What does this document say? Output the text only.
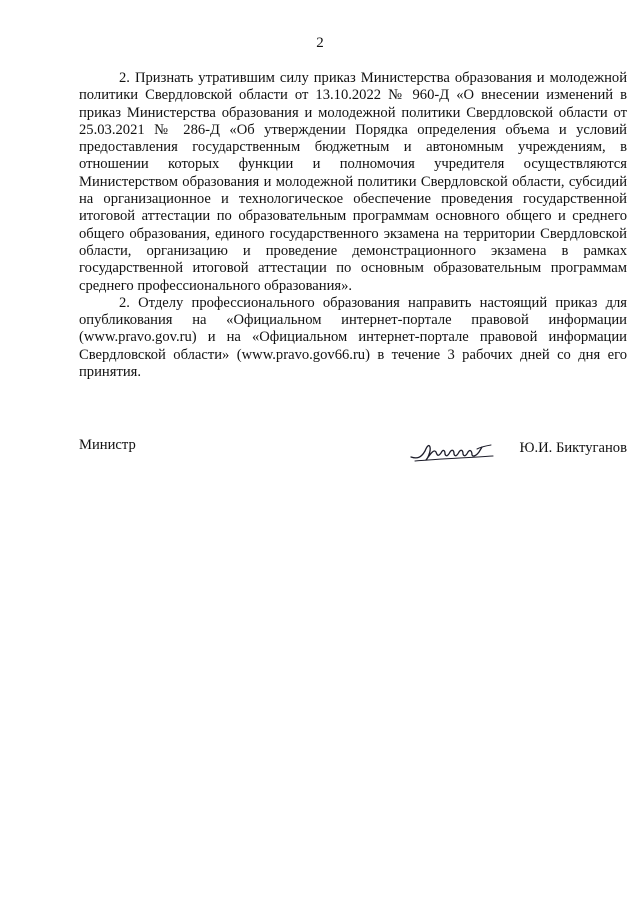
2

2. Признать утратившим силу приказ Министерства образования и молодежной политики Свердловской области от 13.10.2022 № 960-Д «О внесении изменений в приказ Министерства образования и молодежной политики Свердловской области от 25.03.2021 № 286-Д «Об утверждении Порядка определения объема и условий предоставления государственным бюджетным и автономным учреждениям, в отношении которых функции и полномочия учредителя осуществляются Министерством образования и молодежной политики Свердловской области, субсидий на организационное и технологическое обеспечение проведения государственной итоговой аттестации по образовательным программам основного общего и среднего общего образования, единого государственного экзамена на территории Свердловской области, организацию и проведение демонстрационного экзамена в рамках государственной итоговой аттестации по основным образовательным программам среднего профессионального образования».

2. Отделу профессионального образования направить настоящий приказ для опубликования на «Официальном интернет-портале правовой информации (www.pravo.gov.ru) и на «Официальном интернет-портале правовой информации Свердловской области» (www.pravo.gov66.ru) в течение 3 рабочих дней со дня его принятия.

Министр	Ю.И. Биктуганов
